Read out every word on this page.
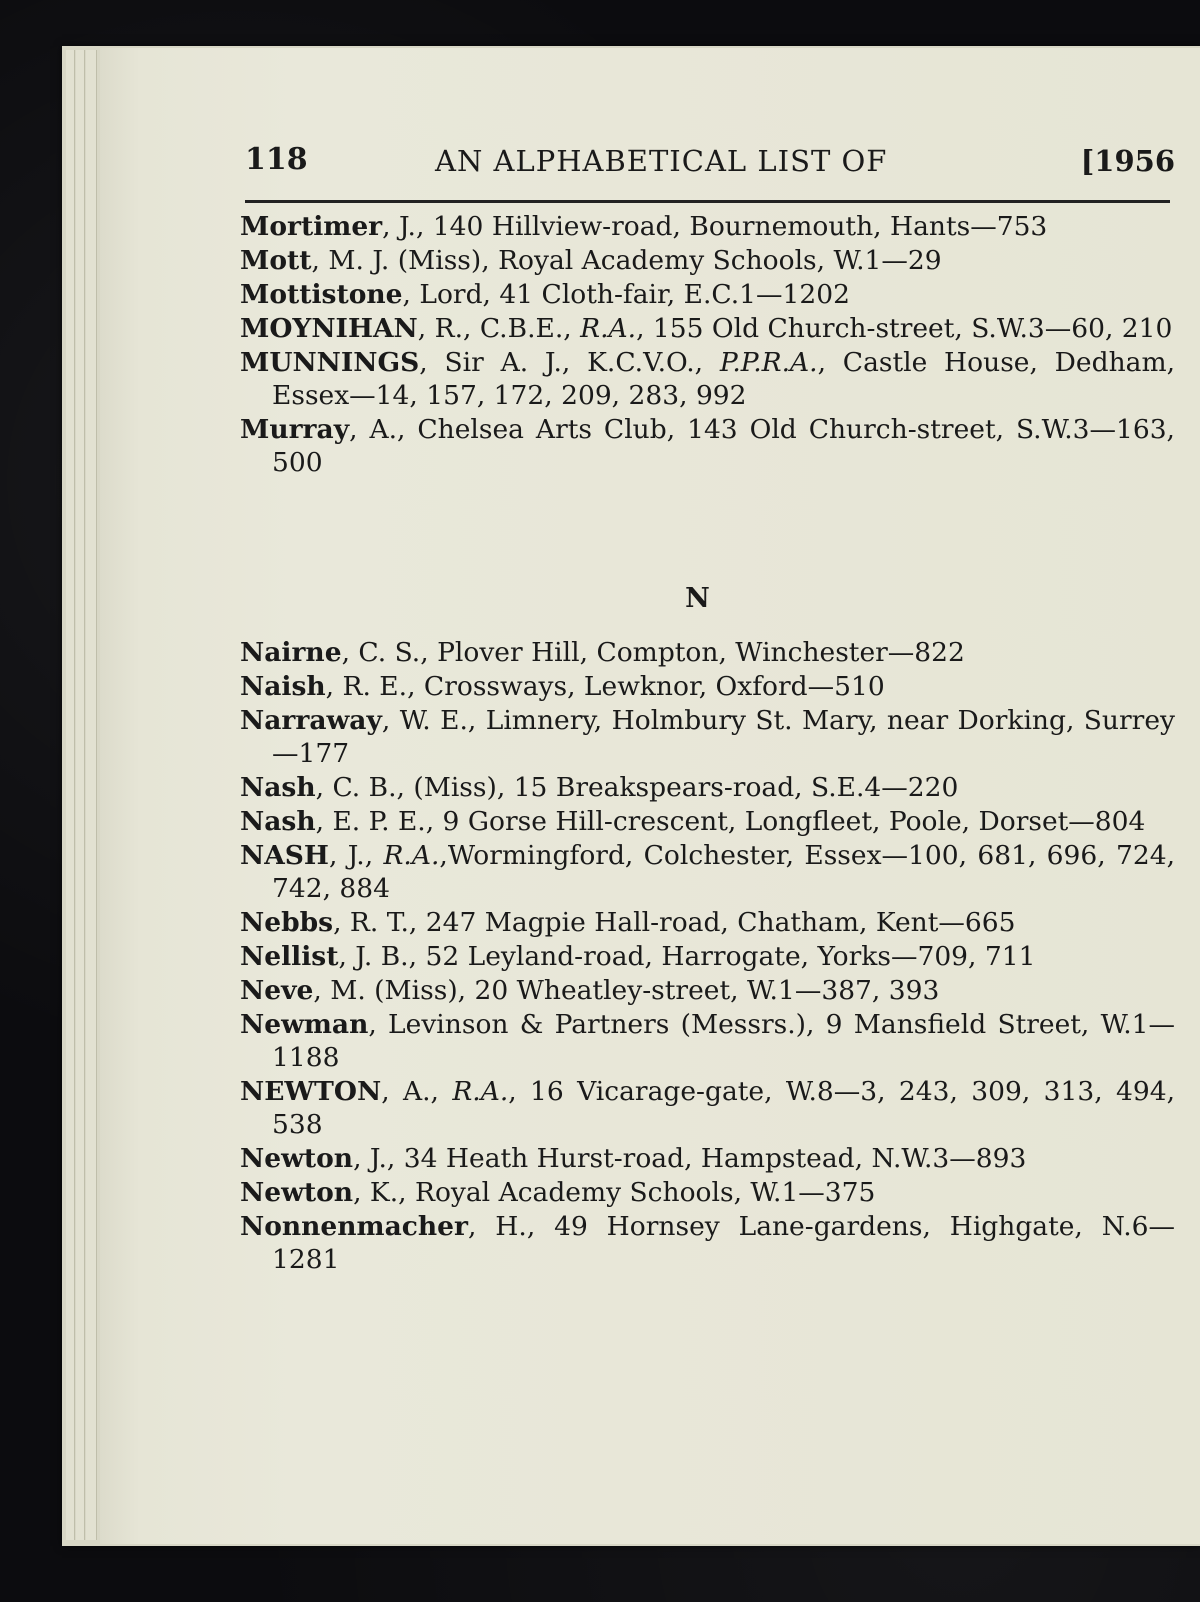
118	AN ALPHABETICAL LIST OF	[1956

Mortimer, J., 140 Hillview-road, Bournemouth, Hants—753

Mott, M. J. (Miss), Royal Academy Schools, W.1—29

Mottistone, Lord, 41 Cloth-fair, E.C.1—1202

MOYNIHAN, R., C.B.E., R.A., 155 Old Church-street, S.W.3—60, 210

MUNNINGS, Sir A. J., K.C.V.O., P.P.R.A., Castle House, Dedham, Essex—14, 157, 172, 209, 283, 992

Murray, A., Chelsea Arts Club, 143 Old Church-street, S.W.3—163, 500

N

Nairne, C. S., Plover Hill, Compton, Winchester—822

Naish, R. E., Crossways, Lewknor, Oxford—510

Narraway, W. E., Limnery, Holmbury St. Mary, near Dorking, Surrey—177

Nash, C. B., (Miss), 15 Breakspears-road, S.E.4—220

Nash, E. P. E., 9 Gorse Hill-crescent, Longfleet, Poole, Dorset—804

NASH, J., R.A.,Wormingford, Colchester, Essex—100, 681, 696, 724, 742, 884

Nebbs, R. T., 247 Magpie Hall-road, Chatham, Kent—665

Nellist, J. B., 52 Leyland-road, Harrogate, Yorks—709, 711

Neve, M. (Miss), 20 Wheatley-street, W.1—387, 393

Newman, Levinson & Partners (Messrs.), 9 Mansfield Street, W.1—1188

NEWTON, A., R.A., 16 Vicarage-gate, W.8—3, 243, 309, 313, 494, 538

Newton, J., 34 Heath Hurst-road, Hampstead, N.W.3—893

Newton, K., Royal Academy Schools, W.1—375

Nonnenmacher, H., 49 Hornsey Lane-gardens, Highgate, N.6—1281
